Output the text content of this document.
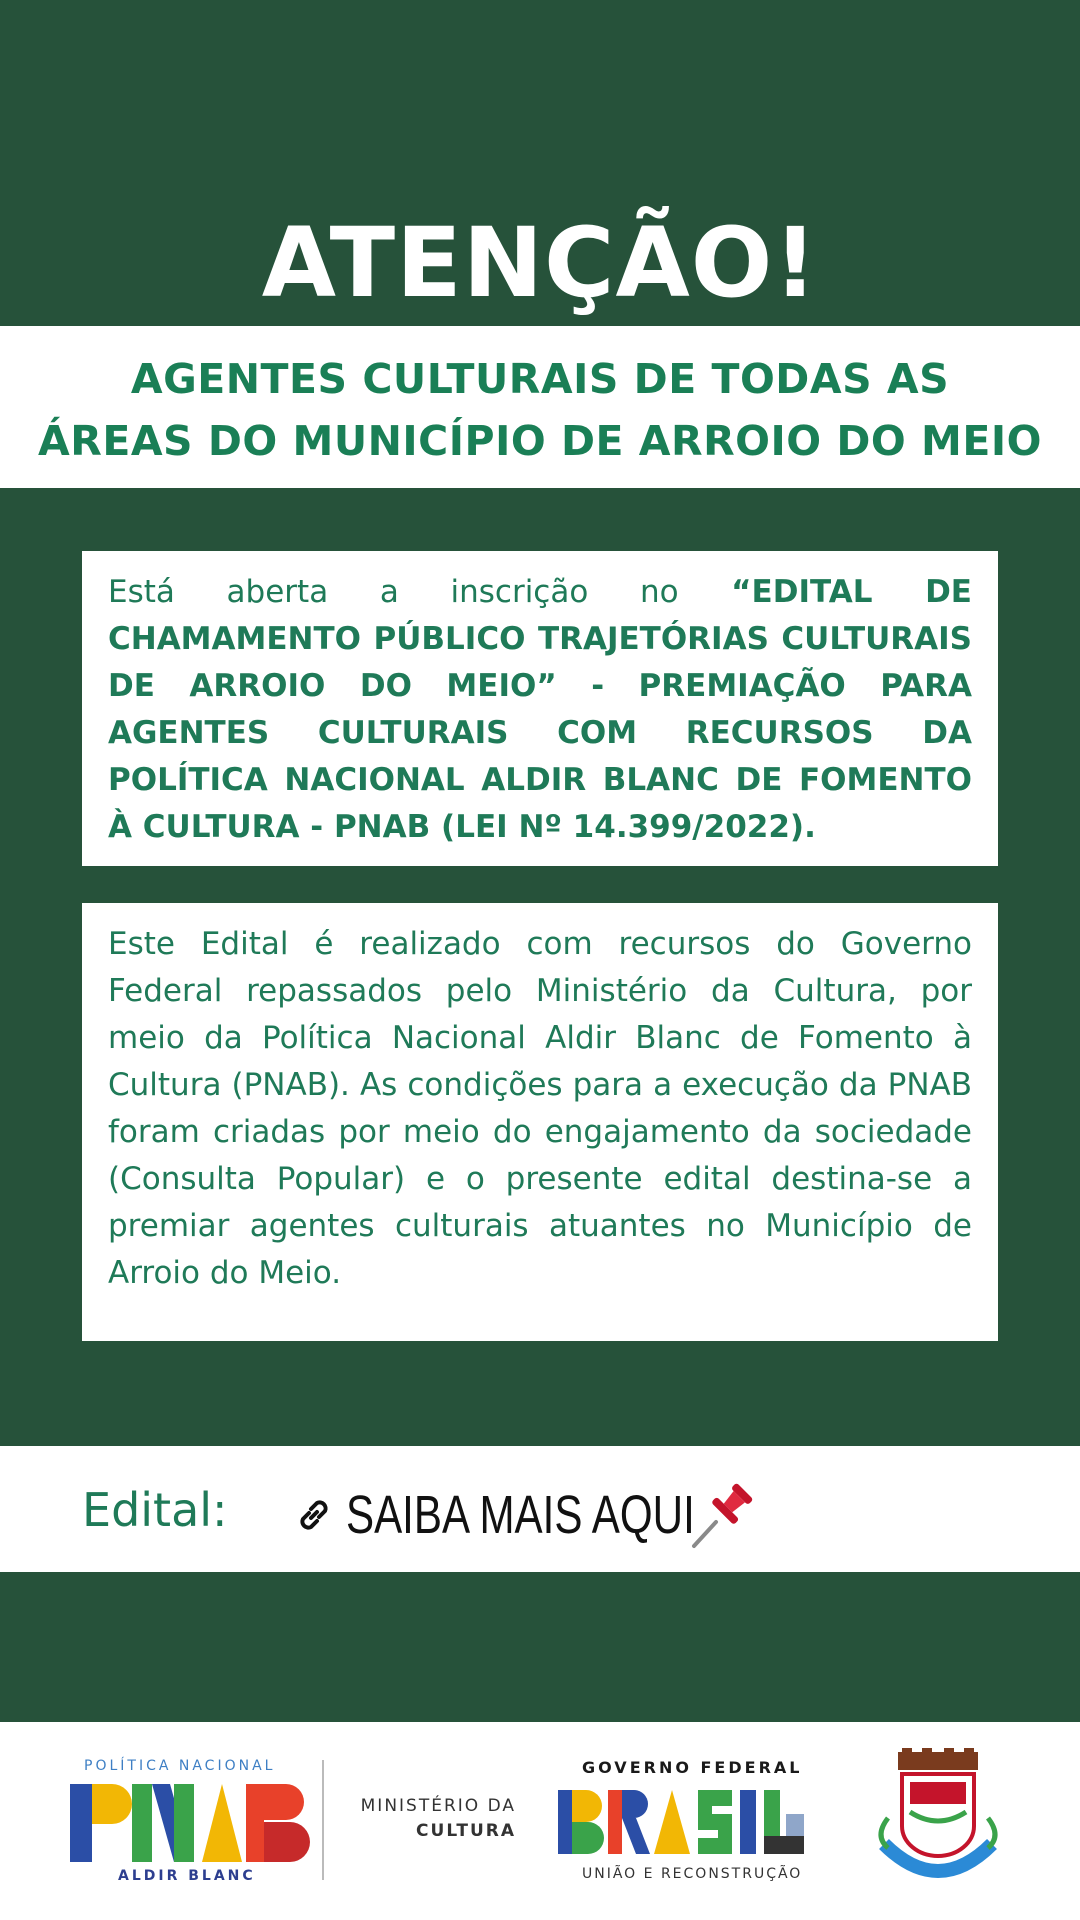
ATENÇÃO!
AGENTES CULTURAIS DE TODAS AS
ÁREAS DO MUNICÍPIO DE ARROIO DO MEIO

Está aberta a inscrição no “EDITAL DE CHAMAMENTO PÚBLICO TRAJETÓRIAS CULTURAIS DE ARROIO DO MEIO” - PREMIAÇÃO PARA AGENTES CULTURAIS COM RECURSOS DA POLÍTICA NACIONAL ALDIR BLANC DE FOMENTO À CULTURA - PNAB (LEI Nº 14.399/2022).

Este Edital é realizado com recursos do Governo Federal repassados pelo Ministério da Cultura, por meio da Política Nacional Aldir Blanc de Fomento à Cultura (PNAB). As condições para a execução da PNAB foram criadas por meio do engajamento da sociedade (Consulta Popular) e o presente edital destina-se a premiar agentes culturais atuantes no Município de Arroio do Meio.

Edital: SAIBA MAIS AQUI
POLÍTICA NACIONAL
ALDIR BLANC
MINISTÉRIO DA
CULTURA
GOVERNO FEDERAL
UNIÃO E RECONSTRUÇÃO
